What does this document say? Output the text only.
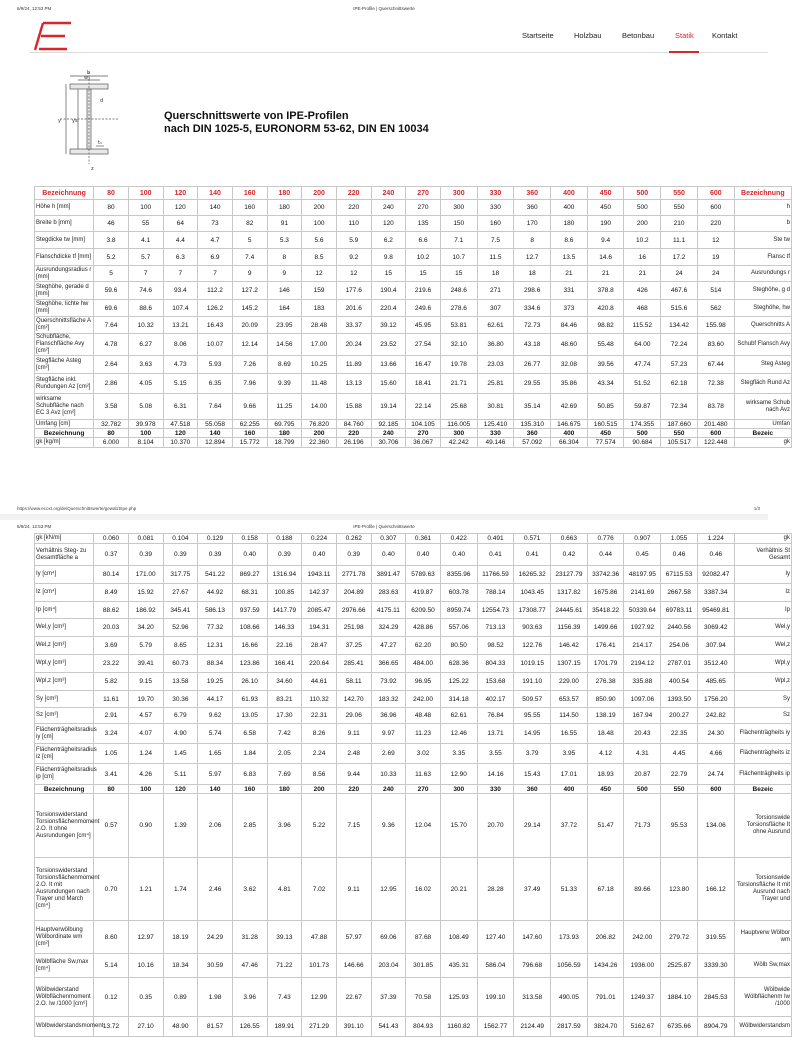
6/9/24, 12:53 PM	IPE-Profile | Querschnittswerte
Startseite	Holzbau	Betonbau	Statik Kontakt
b
w₁
y ys
d
t₁
z
Querschnittswerte von IPE-Profilen
nach DIN 1025-5, EURONORM 53-62, DIN EN 10034
Bezeichnung	80	100	120	140	160	180	200	220	240	270	300	330	360	400	450	500	550	600	Bezeichnung
Höhe h [mm]	80	100	120	140	160	180	200	220	240	270	300	330	360	400	450	500	550	600	h
Breite b [mm]	46	55	64	73	82	91	100	110	120	135	150	160	170	180	190	200	210	220	b
Stegdicke tw [mm]	3.8	4.1	4.4	4.7	5	5.3	5.6	5.9	6.2	6.6	7.1	7.5	8	8.6	9.4	10.2	11.1	12	Ste tw
Flanschdicke tf [mm]	5.2	5.7	6.3	6.9	7.4	8	8.5	9.2	9.8	10.2	10.7	11.5	12.7	13.5	14.6	16	17.2	19	Flansc tf
Ausrundungsradius r [mm]	5	7	7	7	9	9	12	12	15	15	15	18	18	21	21	21	24	24	Ausrundungs r
Steghöhe, gerade d [mm]	59.6	74.6	93.4	112.2	127.2	146	159	177.6	190.4	219.6	248.6	271	298.6	331	378.8	426	467.6	514	Steghöhe, g d
Steghöhe, lichte hw [mm]	69.6	88.6	107.4	126.2	145.2	164	183	201.6	220.4	249.6	278.6	307	334.6	373	420.8	468	515.6	562	Steghöhe, hw
Querschnittsfläche A [cm²]	7.64	10.32	13.21	16.43	20.09	23.95	28.48	33.37	39.12	45.95	53.81	62.61	72.73	84.46	98.82	115.52	134.42	155.98	Querschnitts A
Schubfläche, Flanschfläche Avy [cm²]	4.78	6.27	8.06	10.07	12.14	14.56	17.00	20.24	23.52	27.54	32.10	36.80	43.18	48.60	55.48	64.00	72.24	83.60	Schubf Flansch Avy
Stegfläche Asteg [cm²]	2.64	3.63	4.73	5.93	7.26	8.69	10.25	11.89	13.66	16.47	19.78	23.03	26.77	32.08	39.56	47.74	57.23	67.44	Steg Asteg
Stegfläche inkl. Rundungen Az [cm²]	2.86	4.05	5.15	6.35	7.96	9.39	11.48	13.13	15.60	18.41	21.71	25.81	29.55	35.86	43.34	51.52	62.18	72.38	Stegfläch Rund Az
wirksame Schubfläche nach EC 3 Avz [cm²]	3.58	5.08	6.31	7.64	9.66	11.25	14.00	15.88	19.14	22.14	25.68	30.81	35.14	42.69	50.85	59.87	72.34	83.78	wirksame Schub nach Avz
Umfang [cm]	32.782	39.978	47.518	55.058	62.255	69.795	76.820	84.760	92.185	104.105	116.005	125.410	135.310	146.675	160.515	174.355	187.660	201.480	Umfan
Bezeichnung	80	100	120	140	160	180	200	220	240	270	300	330	360	400	450	500	550	600	Bezeic
gk [kg/m]	6.000	8.104	10.370	12.894	15.772	18.799	22.360	26.196	30.706	36.067	42.242	49.146	57.092	66.304	77.574	90.684	105.517	122.448	gk
https://www.ecoxt.org/de/Querschnittswerte/gewalzt/Ipe.php	1/3
6/9/24, 12:53 PM	IPE-Profile | Querschnittswerte
gk [kN/m]	0.060	0.081	0.104	0.129	0.158	0.188	0.224	0.262	0.307	0.361	0.422	0.491	0.571	0.663	0.776	0.907	1.055	1.224	gk
Verhältnis Steg- zu Gesamtfläche a	0.37	0.39	0.39	0.39	0.40	0.39	0.40	0.39	0.40	0.40	0.40	0.41	0.41	0.42	0.44	0.45	0.46	0.46	Verhältnis St Gesamt
Iy [cm⁴]	80.14	171.00	317.75	541.22	869.27	1316.94	1943.11	2771.78	3891.47	5789.63	8355.96	11766.59	16265.32	23127.79	33742.36	48197.95	67115.53	92082.47	Iy
Iz [cm⁴]	8.49	15.92	27.67	44.92	68.31	100.85	142.37	204.89	283.63	419.87	603.78	788.14	1043.45	1317.82	1675.86	2141.69	2667.58	3387.34	Iz
Ip [cm⁴]	88.62	186.92	345.41	586.13	937.59	1417.79	2085.47	2976.66	4175.11	6209.50	8959.74	12554.73	17308.77	24445.61	35418.22	50339.64	69783.11	95469.81	Ip
Wel,y [cm³]	20.03	34.20	52.96	77.32	108.66	146.33	194.31	251.98	324.29	428.86	557.06	713.13	903.63	1156.39	1499.66	1927.92	2440.56	3069.42	Wel,y
Wel,z [cm³]	3.69	5.79	8.65	12.31	16.66	22.16	28.47	37.25	47.27	62.20	80.50	98.52	122.76	146.42	176.41	214.17	254.06	307.94	Wel,z
Wpl,y [cm³]	23.22	39.41	60.73	88.34	123.86	166.41	220.64	285.41	366.65	484.00	628.36	804.33	1019.15	1307.15	1701.79	2194.12	2787.01	3512.40	Wpl,y
Wpl,z [cm³]	5.82	9.15	13.58	19.25	26.10	34.60	44.61	58.11	73.92	96.95	125.22	153.68	191.10	229.00	276.38	335.88	400.54	485.65	Wpl,z
Sy [cm³]	11.61	19.70	30.36	44.17	61.93	83.21	110.32	142.70	183.32	242.00	314.18	402.17	509.57	653.57	850.90	1097.06	1393.50	1756.20	Sy
Sz [cm³]	2.91	4.57	6.79	9.62	13.05	17.30	22.31	29.06	36.96	48.48	62.61	76.84	95.55	114.50	138.19	167.94	200.27	242.82	Sz
Flächenträgheitsradius iy [cm]	3.24	4.07	4.90	5.74	6.58	7.42	8.26	9.11	9.97	11.23	12.46	13.71	14.95	16.55	18.48	20.43	22.35	24.30	Flächenträgheits iy
Flächenträgheitsradius iz [cm]	1.05	1.24	1.45	1.65	1.84	2.05	2.24	2.48	2.69	3.02	3.35	3.55	3.79	3.95	4.12	4.31	4.45	4.66	Flächenträgheits iz
Flächenträgheitsradius ip [cm]	3.41	4.26	5.11	5.97	6.83	7.69	8.56	9.44	10.33	11.63	12.90	14.16	15.43	17.01	18.93	20.87	22.79	24.74	Flächenträgheits ip
Bezeichnung	80	100	120	140	160	180	200	220	240	270	300	330	360	400	450	500	550	600	Bezeic
Torsionswiderstand Torsionsflächenmoment 2.O. It ohne Ausrundungen [cm⁴]	0.57	0.90	1.39	2.06	2.85	3.96	5.22	7.15	9.36	12.04	15.70	20.70	29.14	37.72	51.47	71.73	95.53	134.06	Torsionswide Torsionsfläche It ohne Ausrund
Torsionswiderstand Torsionsflächenmoment 2.O. It mit Ausrundungen nach Trayer und March [cm⁴]	0.70	1.21	1.74	2.46	3.62	4.81	7.02	9.11	12.95	16.02	20.21	28.28	37.49	51.33	67.18	89.66	123.80	166.12	Torsionswide Torsionsfläche It mit Ausrund nach Trayer und
Hauptverwölbung Wölbordinate wm [cm²]	8.60	12.97	18.19	24.29	31.28	39.13	47.88	57.97	69.06	87.68	108.49	127.40	147.60	173.93	206.82	242.00	279.72	319.55	Hauptverw Wölbor wm
Wölbfläche Sw,max [cm⁴]	5.14	10.16	18.34	30.59	47.46	71.22	101.73	146.66	203.04	301.85	435.31	586.04	796.68	1056.59	1434.26	1936.00	2525.87	3339.30	Wölb Sw,max
Wölbwiderstand Wölbflächenmoment 2.O. Iw /1000 [cm⁶]	0.12	0.35	0.89	1.98	3.96	7.43	12.99	22.67	37.39	70.58	125.93	199.10	313.58	490.05	791.01	1249.37	1884.10	2845.53	Wölbwide Wölbflächenm Iw /1000
Wölbwiderstandsmoment	13.72	27.10	48.90	81.57	126.55	189.91	271.29	391.10	541.43	804.93	1160.82	1562.77	2124.49	2817.59	3824.70	5162.67	6735.66	8904.79	Wölbwiderstandsm
